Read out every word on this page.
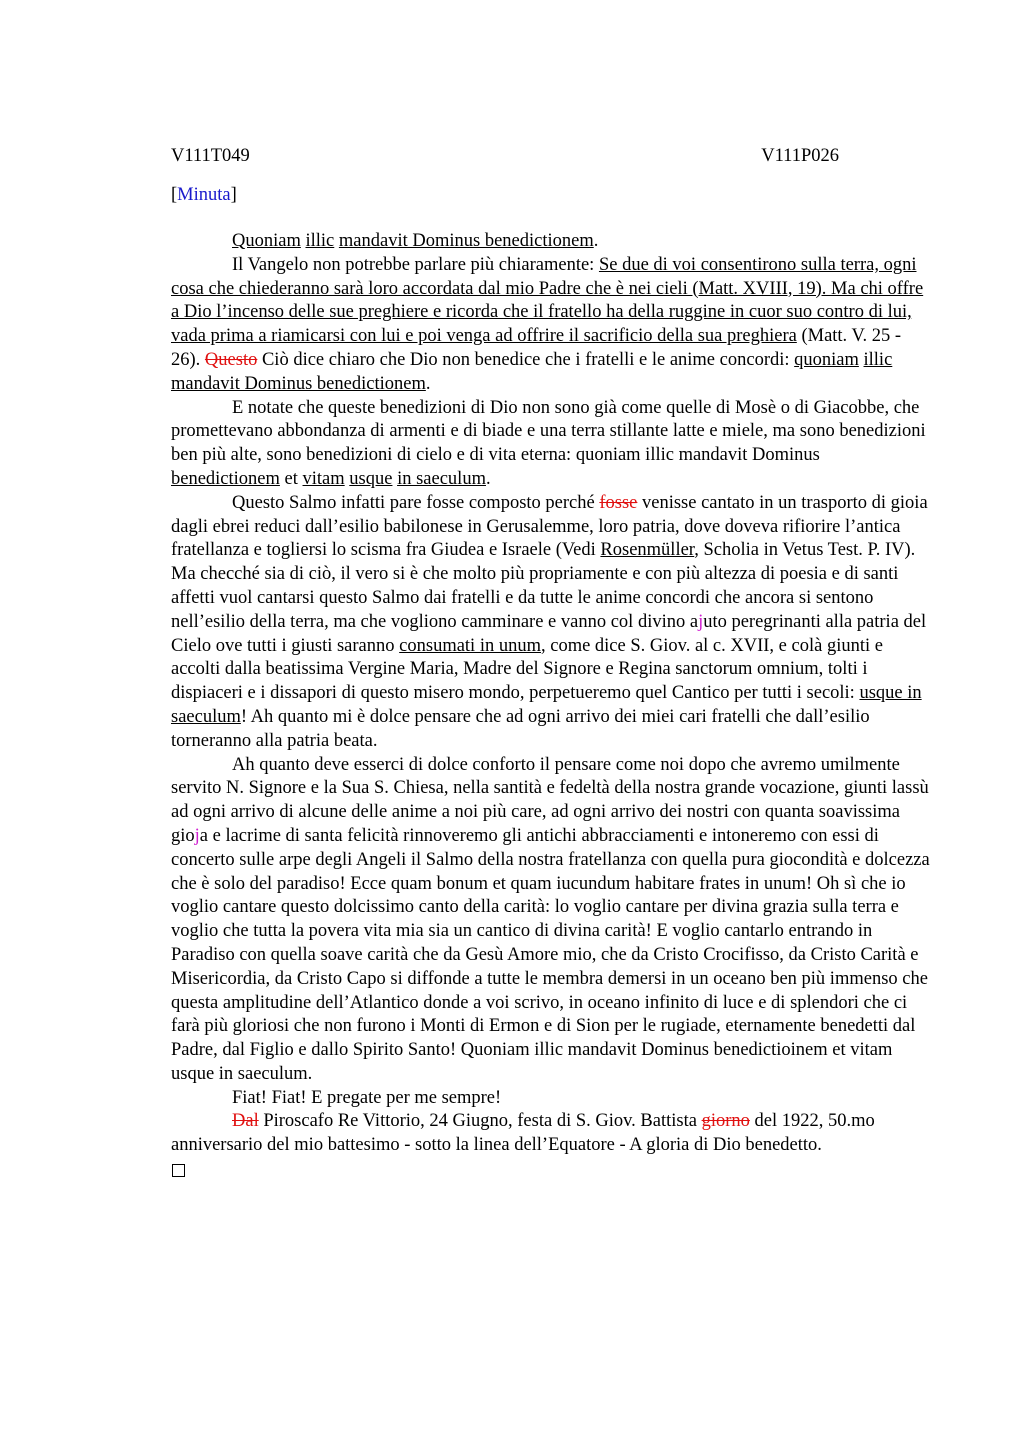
V111T049	V111P026
[Minuta]

Quoniam illic mandavit Dominus benedictionem.

Il Vangelo non potrebbe parlare più chiaramente: Se due di voi consentirono sulla terra, ogni cosa che chiederanno sarà loro accordata dal mio Padre che è nei cieli (Matt. XVIII, 19). Ma chi offre a Dio l’incenso delle sue preghiere e ricorda che il fratello ha della ruggine in cuor suo contro di lui, vada prima a riamicarsi con lui e poi venga ad offrire il sacrificio della sua preghiera (Matt. V. 25 - 26). Questo Ciò dice chiaro che Dio non benedice che i fratelli e le anime concordi: quoniam illic mandavit Dominus benedictionem.

E notate che queste benedizioni di Dio non sono già come quelle di Mosè o di Giacobbe, che promettevano abbondanza di armenti e di biade e una terra stillante latte e miele, ma sono benedizioni ben più alte, sono benedizioni di cielo e di vita eterna: quoniam illic mandavit Dominus benedictionem et vitam usque in saeculum.

Questo Salmo infatti pare fosse composto perché fosse venisse cantato in un trasporto di gioia dagli ebrei reduci dall’esilio babilonese in Gerusalemme, loro patria, dove doveva rifiorire l’antica fratellanza e togliersi lo scisma fra Giudea e Israele (Vedi Rosenmüller, Scholia in Vetus Test. P. IV). Ma checché sia di ciò, il vero si è che molto più propriamente e con più altezza di poesia e di santi affetti vuol cantarsi questo Salmo dai fratelli e da tutte le anime concordi che ancora si sentono nell’esilio della terra, ma che vogliono camminare e vanno col divino ajuto peregrinanti alla patria del Cielo ove tutti i giusti saranno consumati in unum, come dice S. Giov. al c. XVII, e colà giunti e accolti dalla beatissima Vergine Maria, Madre del Signore e Regina sanctorum omnium, tolti i dispiaceri e i dissapori di questo misero mondo, perpetueremo quel Cantico per tutti i secoli: usque in saeculum! Ah quanto mi è dolce pensare che ad ogni arrivo dei miei cari fratelli che dall’esilio torneranno alla patria beata.

Ah quanto deve esserci di dolce conforto il pensare come noi dopo che avremo umilmente servito N. Signore e la Sua S. Chiesa, nella santità e fedeltà della nostra grande vocazione, giunti lassù ad ogni arrivo di alcune delle anime a noi più care, ad ogni arrivo dei nostri con quanta soavissima gioja e lacrime di santa felicità rinnoveremo gli antichi abbracciamenti e intoneremo con essi di concerto sulle arpe degli Angeli il Salmo della nostra fratellanza con quella pura giocondità e dolcezza che è solo del paradiso! Ecce quam bonum et quam iucundum habitare frates in unum! Oh sì che io voglio cantare questo dolcissimo canto della carità: lo voglio cantare per divina grazia sulla terra e voglio che tutta la povera vita mia sia un cantico di divina carità! E voglio cantarlo entrando in Paradiso con quella soave carità che da Gesù Amore mio, che da Cristo Crocifisso, da Cristo Carità e Misericordia, da Cristo Capo si diffonde a tutte le membra demersi in un oceano ben più immenso che questa amplitudine dell’Atlantico donde a voi scrivo, in oceano infinito di luce e di splendori che ci farà più gloriosi che non furono i Monti di Ermon e di Sion per le rugiade, eternamente benedetti dal Padre, dal Figlio e dallo Spirito Santo! Quoniam illic mandavit Dominus benedictioinem et vitam usque in saeculum.

Fiat! Fiat! E pregate per me sempre!

Dal Piroscafo Re Vittorio, 24 Giugno, festa di S. Giov. Battista giorno del 1922, 50.mo anniversario del mio battesimo - sotto la linea dell’Equatore - A gloria di Dio benedetto.
